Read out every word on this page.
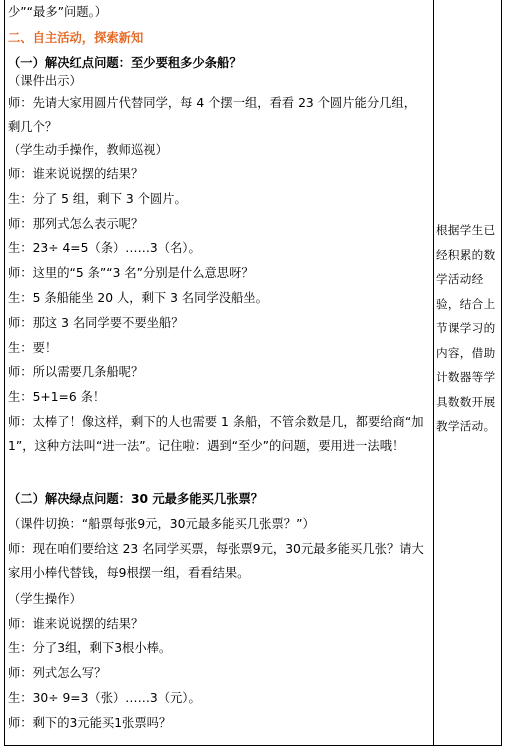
少”“最多”问题。）
二、自主活动，探索新知
（一）解决红点问题：至少要租多少条船？
（课件出示）
师：先请大家用圆片代替同学，每 4 个摆一组，看看 23 个圆片能分几组，剩几个？
（学生动手操作，教师巡视）
师：谁来说说摆的结果？
生：分了 5 组，剩下 3 个圆片。
师：那列式怎么表示呢？
生：23÷ 4=5（条）……3（名）。
师：这里的“5 条”“3 名”分别是什么意思呀？
生：5 条船能坐 20 人，剩下 3 名同学没船坐。
师：那这 3 名同学要不要坐船？
生：要！
师：所以需要几条船呢？
生：5+1=6 条！
师：太棒了！像这样，剩下的人也需要 1 条船，不管余数是几，都要给商“加 1”，这种方法叫“进一法”。记住啦：遇到“至少”的问题，要用进一法哦！
（二）解决绿点问题：30 元最多能买几张票？
（课件切换：“船票每张9元，30元最多能买几张票？”）
师：现在咱们要给这 23 名同学买票，每张票9元，30元最多能买几张？请大家用小棒代替钱，每9根摆一组，看看结果。
（学生操作）
师：谁来说说摆的结果？
生：分了3组，剩下3根小棒。
师：列式怎么写？
生：30÷ 9=3（张）……3（元）。
师：剩下的3元能买1张票吗？
根据学生已经积累的数学活动经验，结合上节课学习的内容，借助计数器等学具数数开展教学活动。
